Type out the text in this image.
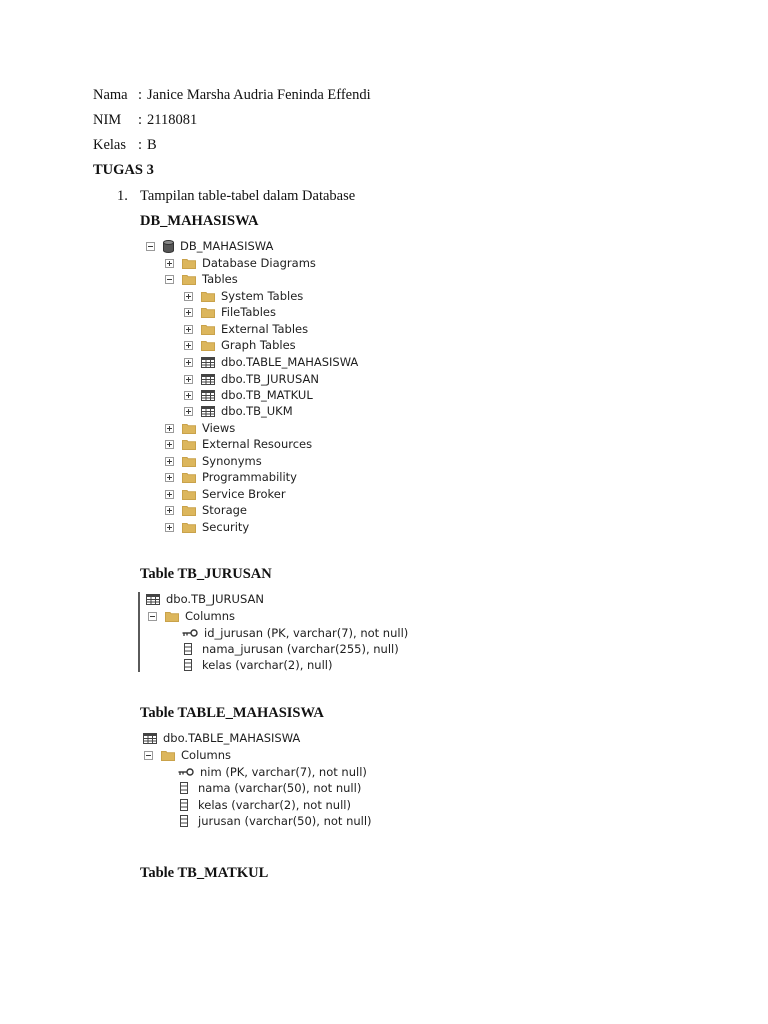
Nama : Janice Marsha Audria Feninda Effendi
NIM : 2118081
Kelas : B
TUGAS 3
1. Tampilan table-tabel dalam Database
DB_MAHASISWA
Table TB_JURUSAN
Table TABLE_MAHASISWA
Table TB_MATKUL
DB_MAHASISWA
Database Diagrams
Tables
System Tables
FileTables
External Tables
Graph Tables
dbo.TABLE_MAHASISWA
dbo.TB_JURUSAN
dbo.TB_MATKUL
dbo.TB_UKM
Views
External Resources
Synonyms
Programmability
Service Broker
Storage
Security
dbo.TB_JURUSAN
Columns
id_jurusan (PK, varchar(7), not null)
nama_jurusan (varchar(255), null)
kelas (varchar(2), null)
dbo.TABLE_MAHASISWA
Columns
nim (PK, varchar(7), not null)
nama (varchar(50), not null)
kelas (varchar(2), not null)
jurusan (varchar(50), not null)
